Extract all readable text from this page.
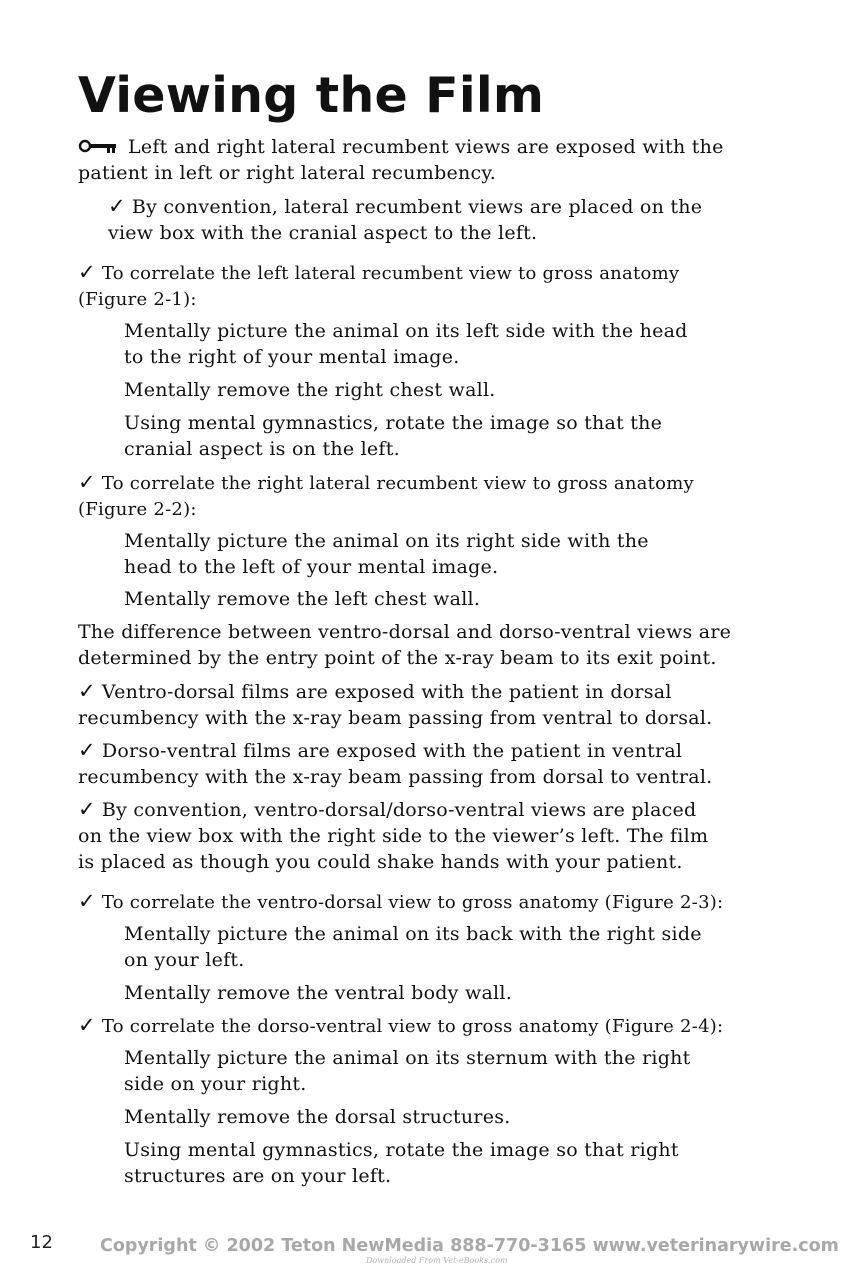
Viewing the Film
Left and right lateral recumbent views are exposed with the
patient in left or right lateral recumbency.
✓ By convention, lateral recumbent views are placed on the
view box with the cranial aspect to the left.
✓ To correlate the left lateral recumbent view to gross anatomy
(Figure 2-1):
Mentally picture the animal on its left side with the head
to the right of your mental image.
Mentally remove the right chest wall.
Using mental gymnastics, rotate the image so that the
cranial aspect is on the left.
✓ To correlate the right lateral recumbent view to gross anatomy
(Figure 2-2):
Mentally picture the animal on its right side with the
head to the left of your mental image.
Mentally remove the left chest wall.
The difference between ventro-dorsal and dorso-ventral views are
determined by the entry point of the x-ray beam to its exit point.
✓ Ventro-dorsal films are exposed with the patient in dorsal
recumbency with the x-ray beam passing from ventral to dorsal.
✓ Dorso-ventral films are exposed with the patient in ventral
recumbency with the x-ray beam passing from dorsal to ventral.
✓ By convention, ventro-dorsal/dorso-ventral views are placed
on the view box with the right side to the viewer’s left. The film
is placed as though you could shake hands with your patient.
✓ To correlate the ventro-dorsal view to gross anatomy (Figure 2-3):
Mentally picture the animal on its back with the right side
on your left.
Mentally remove the ventral body wall.
✓ To correlate the dorso-ventral view to gross anatomy (Figure 2-4):
Mentally picture the animal on its sternum with the right
side on your right.
Mentally remove the dorsal structures.
Using mental gymnastics, rotate the image so that right
structures are on your left.
12	Copyright © 2002 Teton NewMedia 888-770-3165 www.veterinarywire.com
Downloaded From Vet-eBooks.com
